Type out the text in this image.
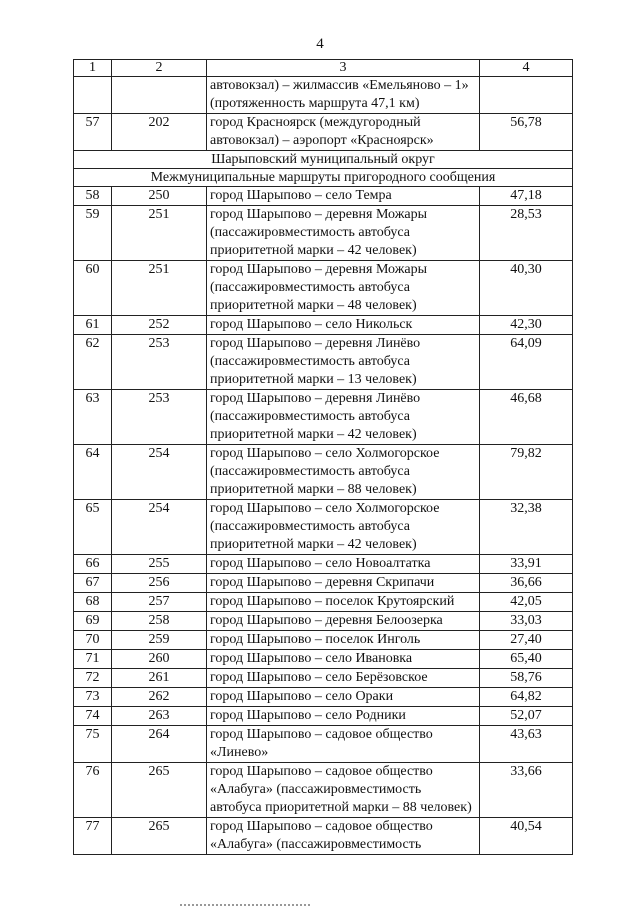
4
1	2	3	4
		автовокзал) – жилмассив «Емельяново – 1» (протяженность маршрута 47,1 км)	
57	202	город Красноярск (междугородный автовокзал) – аэропорт «Красноярск»	56,78
Шарыповский муниципальный округ			
Межмуниципальные маршруты пригородного сообщения			
58	250	город Шарыпово – село Темра	47,18
59	251	город Шарыпово – деревня Можары (пассажировместимость автобуса приоритетной марки – 42 человек)	28,53
60	251	город Шарыпово – деревня Можары (пассажировместимость автобуса приоритетной марки – 48 человек)	40,30
61	252	город Шарыпово – село Никольск	42,30
62	253	город Шарыпово – деревня Линёво (пассажировместимость автобуса приоритетной марки – 13 человек)	64,09
63	253	город Шарыпово – деревня Линёво (пассажировместимость автобуса приоритетной марки – 42 человек)	46,68
64	254	город Шарыпово – село Холмогорское (пассажировместимость автобуса приоритетной марки – 88 человек)	79,82
65	254	город Шарыпово – село Холмогорское (пассажировместимость автобуса приоритетной марки – 42 человек)	32,38
66	255	город Шарыпово – село Новоалтатка	33,91
67	256	город Шарыпово – деревня Скрипачи	36,66
68	257	город Шарыпово – поселок Крутоярский	42,05
69	258	город Шарыпово – деревня Белоозерка	33,03
70	259	город Шарыпово – поселок Инголь	27,40
71	260	город Шарыпово – село Ивановка	65,40
72	261	город Шарыпово – село Берёзовское	58,76
73	262	город Шарыпово – село Ораки	64,82
74	263	город Шарыпово – село Родники	52,07
75	264	город Шарыпово – садовое общество «Линево»	43,63
76	265	город Шарыпово – садовое общество «Алабуга» (пассажировместимость автобуса приоритетной марки – 88 человек)	33,66
77	265	город Шарыпово – садовое общество «Алабуга» (пассажировместимость	40,54
